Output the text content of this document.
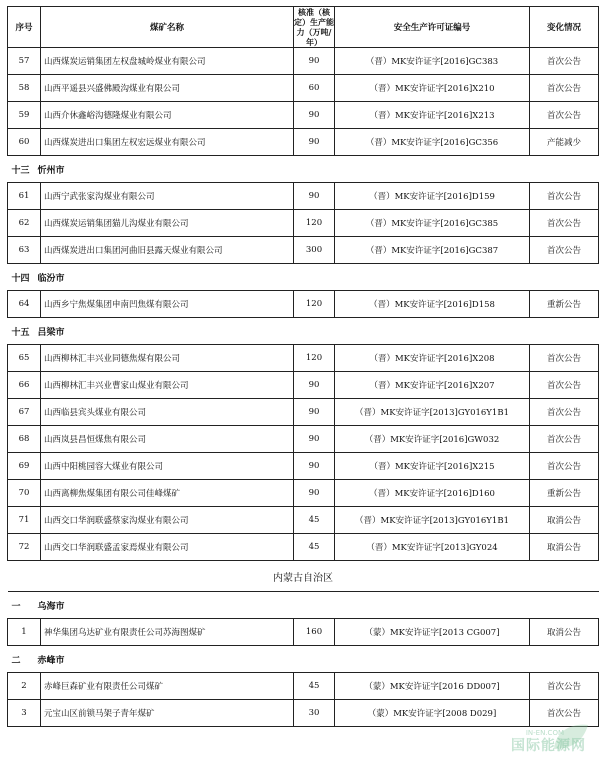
序号	煤矿名称	核准（核定）生产能力（万吨/年）	安全生产许可证编号	变化情况
57	山西煤炭运销集团左权盘城岭煤业有限公司	90	（晋）MK安许证字[2016]GC383	首次公告
58	山西平遥县兴盛佛殿沟煤业有限公司	60	（晋）MK安许证字[2016]X210	首次公告
59	山西介休鑫峪沟德隆煤业有限公司	90	（晋）MK安许证字[2016]X213	首次公告
60	山西煤炭进出口集团左权宏远煤业有限公司	90	（晋）MK安许证字[2016]GC356	产能减少
十三 忻州市				
61	山西宁武张家沟煤业有限公司	90	（晋）MK安许证字[2016]D159	首次公告
62	山西煤炭运销集团猫儿沟煤业有限公司	120	（晋）MK安许证字[2016]GC385	首次公告
63	山西煤炭进出口集团河曲旧县露天煤业有限公司	300	（晋）MK安许证字[2016]GC387	首次公告
十四 临汾市				
64	山西乡宁焦煤集团申南凹焦煤有限公司	120	（晋）MK安许证字[2016]D158	重新公告
十五 吕梁市				
65	山西柳林汇丰兴业同德焦煤有限公司	120	（晋）MK安许证字[2016]X208	首次公告
66	山西柳林汇丰兴业曹家山煤业有限公司	90	（晋）MK安许证字[2016]X207	首次公告
67	山西临县宾头煤业有限公司	90	（晋）MK安许证字[2013]GY016Y1B1	首次公告
68	山西岚县昌恒煤焦有限公司	90	（晋）MK安许证字[2016]GW032	首次公告
69	山西中阳桃园容大煤业有限公司	90	（晋）MK安许证字[2016]X215	首次公告
70	山西离柳焦煤集团有限公司佳峰煤矿	90	（晋）MK安许证字[2016]D160	重新公告
71	山西交口华润联盛蔡家沟煤业有限公司	45	（晋）MK安许证字[2013]GY016Y1B1	取消公告
72	山西交口华润联盛孟家焉煤业有限公司	45	（晋）MK安许证字[2013]GY024	取消公告
内蒙古自治区				
一 乌海市				
1	神华集团乌达矿业有限责任公司苏海图煤矿	160	（蒙）MK安许证字[2013 CG007]	取消公告
二 赤峰市				
2	赤峰巨森矿业有限责任公司煤矿	45	（蒙）MK安许证字[2016 DD007]	首次公告
3	元宝山区前锁马架子青年煤矿	30	（蒙）MK安许证字[2008 D029]	首次公告
IN-EN.COM
国际能源网
